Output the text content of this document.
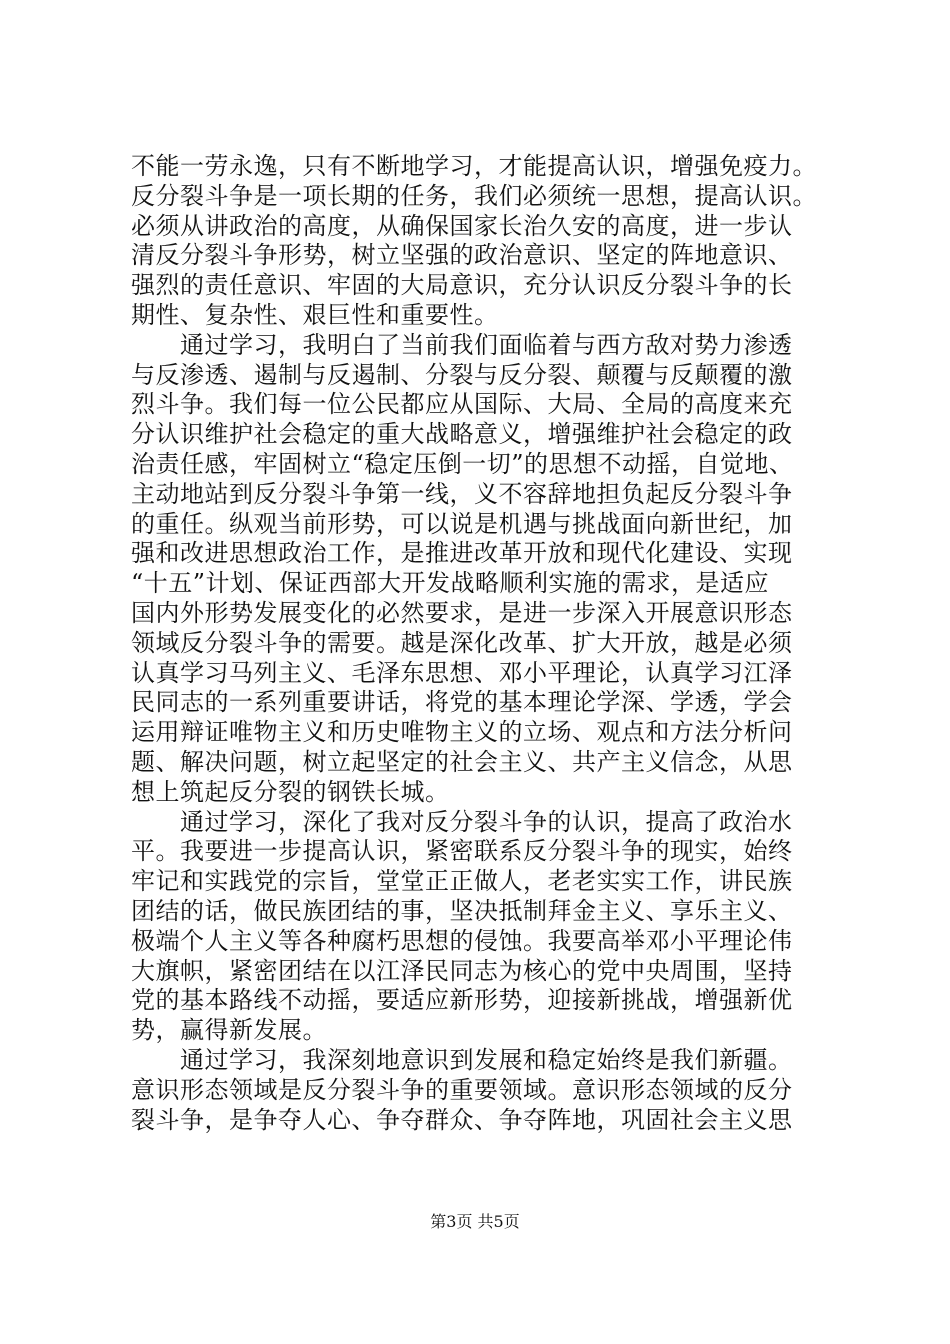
不能一劳永逸，只有不断地学习，才能提高认识，增强免疫力。
反分裂斗争是一项长期的任务，我们必须统一思想，提高认识。
必须从讲政治的高度，从确保国家长治久安的高度，进一步认
清反分裂斗争形势，树立坚强的政治意识、坚定的阵地意识、
强烈的责任意识、牢固的大局意识，充分认识反分裂斗争的长
期性、复杂性、艰巨性和重要性。
　　通过学习，我明白了当前我们面临着与西方敌对势力渗透
与反渗透、遏制与反遏制、分裂与反分裂、颠覆与反颠覆的激
烈斗争。我们每一位公民都应从国际、大局、全局的高度来充
分认识维护社会稳定的重大战略意义，增强维护社会稳定的政
治责任感，牢固树立“稳定压倒一切”的思想不动摇，自觉地、
主动地站到反分裂斗争第一线，义不容辞地担负起反分裂斗争
的重任。纵观当前形势，可以说是机遇与挑战面向新世纪，加
强和改进思想政治工作，是推进改革开放和现代化建设、实现
“十五”计划、保证西部大开发战略顺利实施的需求，是适应
国内外形势发展变化的必然要求，是进一步深入开展意识形态
领域反分裂斗争的需要。越是深化改革、扩大开放，越是必须
认真学习马列主义、毛泽东思想、邓小平理论，认真学习江泽
民同志的一系列重要讲话，将党的基本理论学深、学透，学会
运用辩证唯物主义和历史唯物主义的立场、观点和方法分析问
题、解决问题，树立起坚定的社会主义、共产主义信念，从思
想上筑起反分裂的钢铁长城。
　　通过学习，深化了我对反分裂斗争的认识，提高了政治水
平。我要进一步提高认识，紧密联系反分裂斗争的现实，始终
牢记和实践党的宗旨，堂堂正正做人，老老实实工作，讲民族
团结的话，做民族团结的事，坚决抵制拜金主义、享乐主义、
极端个人主义等各种腐朽思想的侵蚀。我要高举邓小平理论伟
大旗帜，紧密团结在以江泽民同志为核心的党中央周围，坚持
党的基本路线不动摇，要适应新形势，迎接新挑战，增强新优
势，赢得新发展。
　　通过学习，我深刻地意识到发展和稳定始终是我们新疆。
意识形态领域是反分裂斗争的重要领域。意识形态领域的反分
裂斗争，是争夺人心、争夺群众、争夺阵地，巩固社会主义思
第3页 共5页
